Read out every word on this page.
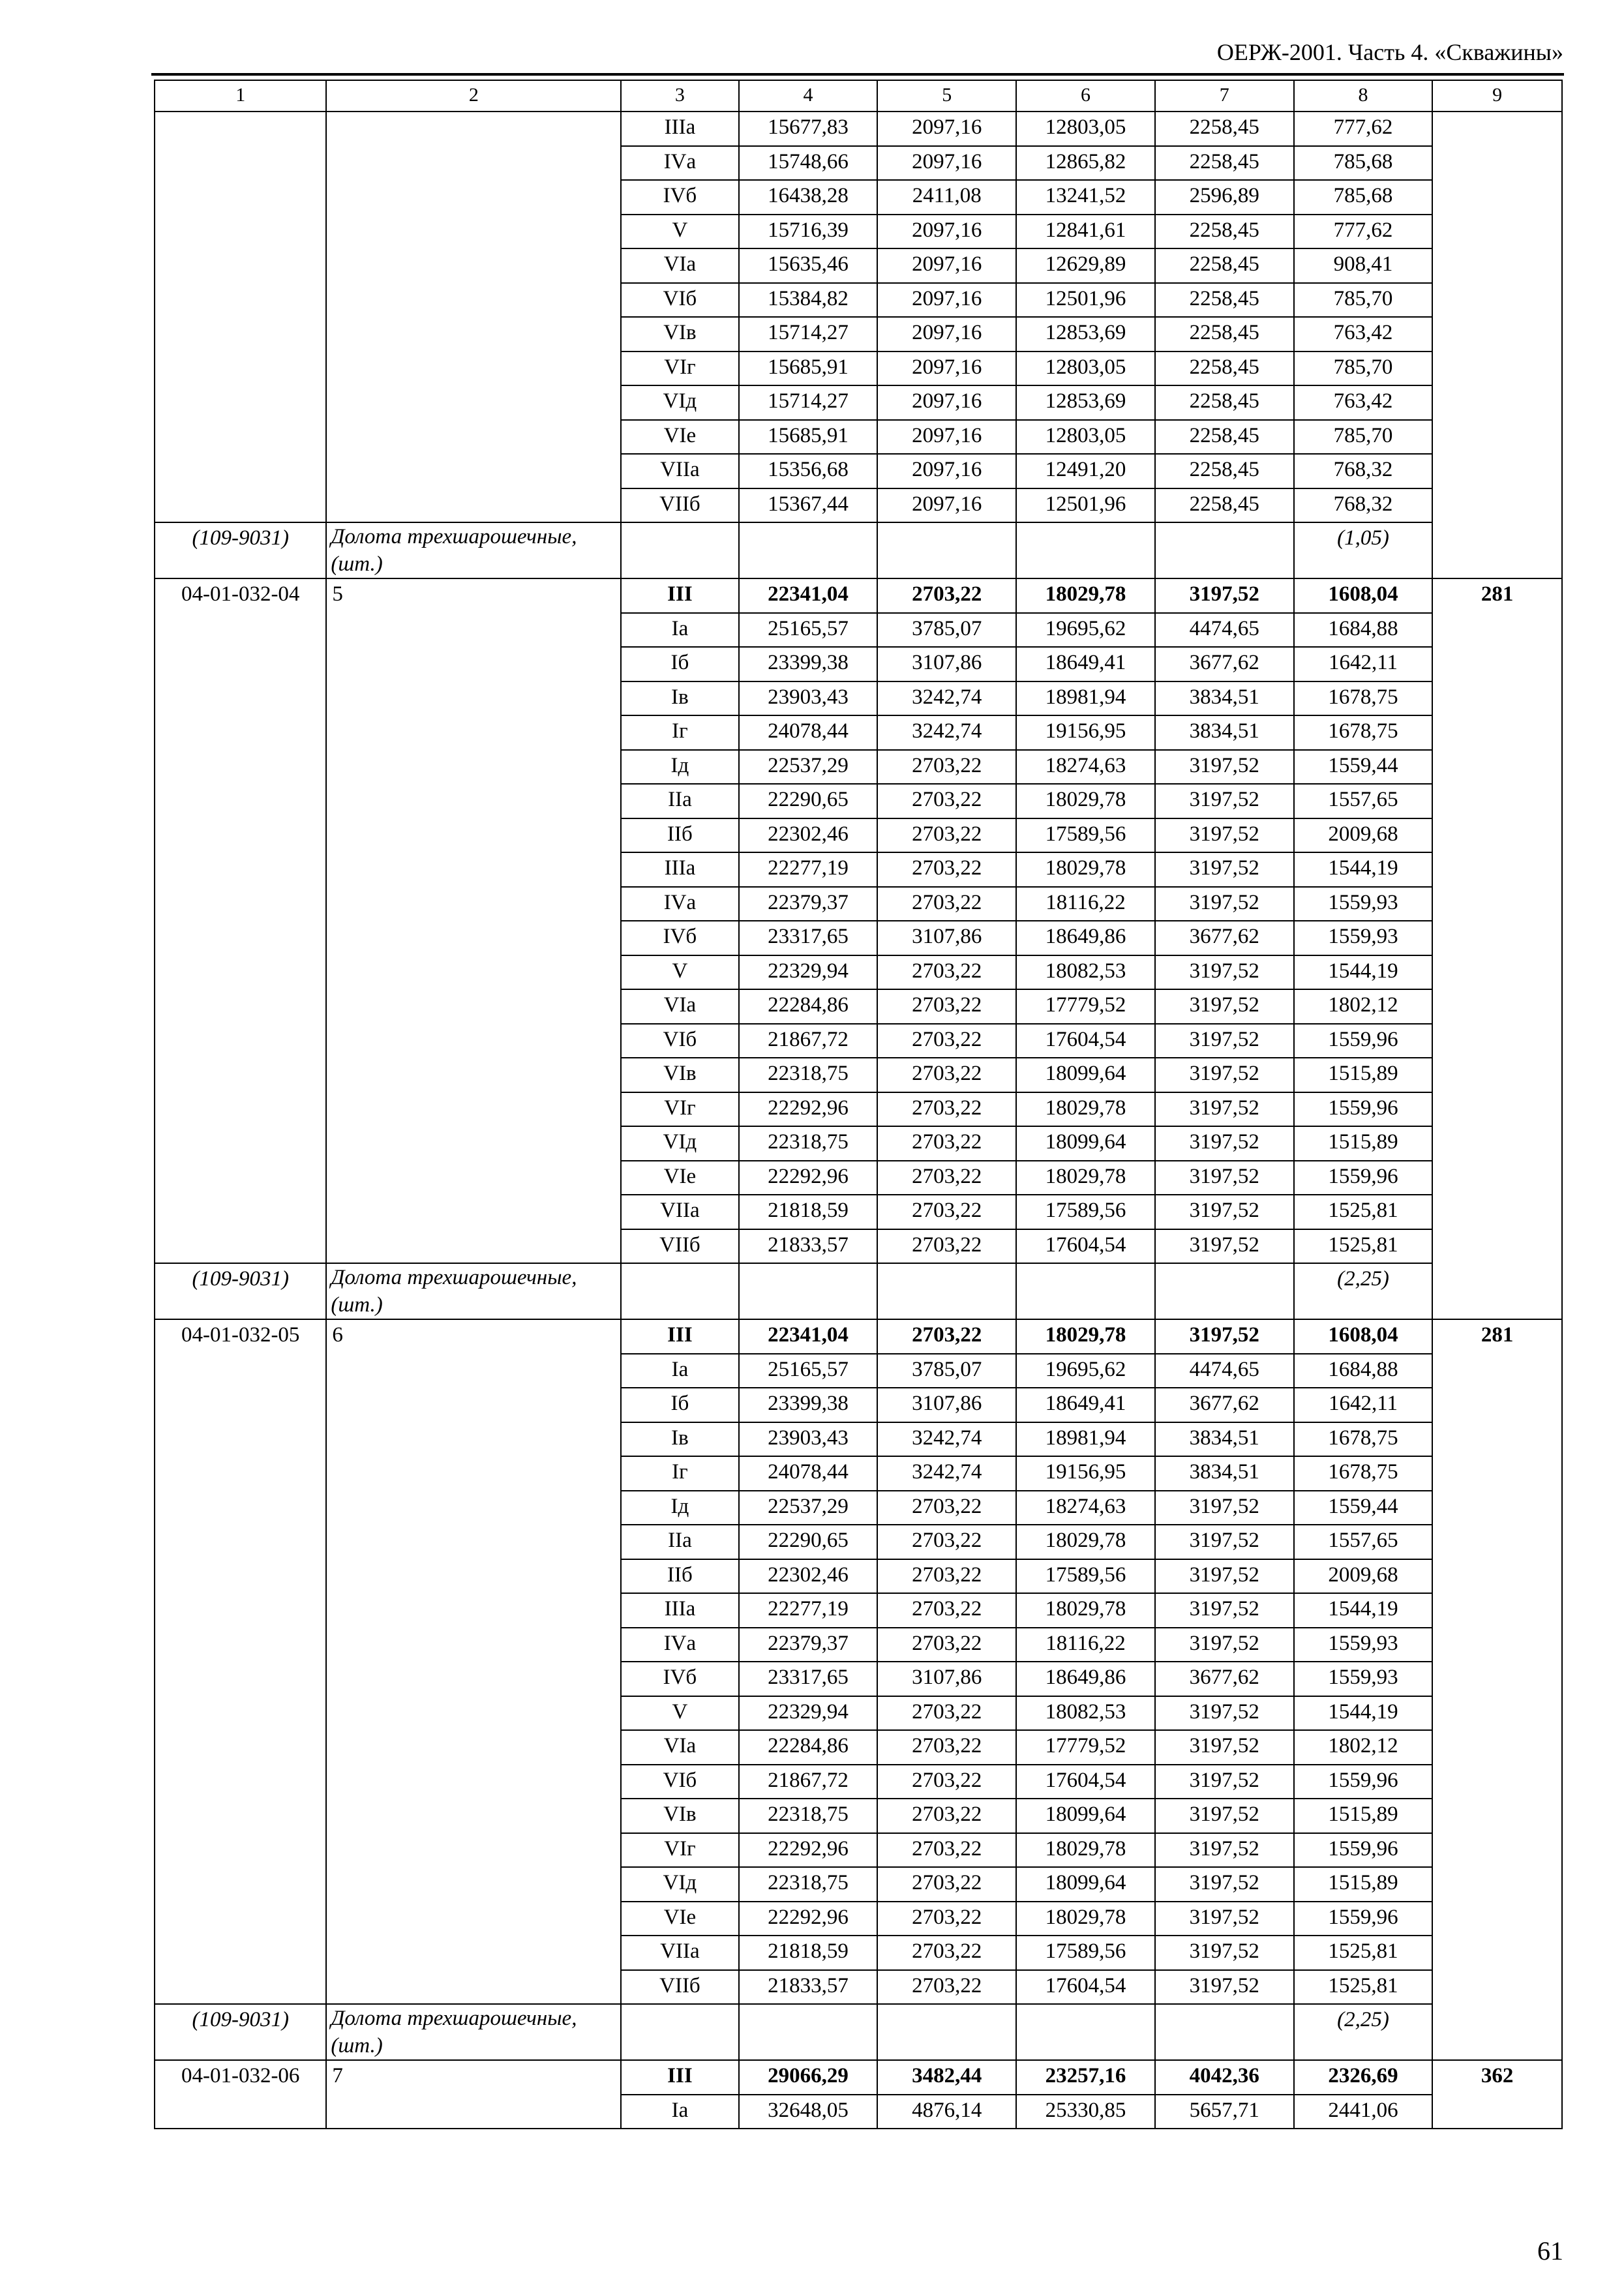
ОЕРЖ-2001. Часть 4. «Скважины»
1	2	3	4	5	6	7	8	9
		IIIа	15677,83	2097,16	12803,05	2258,45	777,62	
		IVа	15748,66	2097,16	12865,82	2258,45	785,68	
		IVб	16438,28	2411,08	13241,52	2596,89	785,68	
		V	15716,39	2097,16	12841,61	2258,45	777,62	
		VIа	15635,46	2097,16	12629,89	2258,45	908,41	
		VIб	15384,82	2097,16	12501,96	2258,45	785,70	
		VIв	15714,27	2097,16	12853,69	2258,45	763,42	
		VIг	15685,91	2097,16	12803,05	2258,45	785,70	
		VIд	15714,27	2097,16	12853,69	2258,45	763,42	
		VIе	15685,91	2097,16	12803,05	2258,45	785,70	
		VIIа	15356,68	2097,16	12491,20	2258,45	768,32	
		VIIб	15367,44	2097,16	12501,96	2258,45	768,32	
(109-9031)	Долота трехшарошечные, (шт.)						(1,05)	
04-01-032-04	5	III	22341,04	2703,22	18029,78	3197,52	1608,04	281
		Iа	25165,57	3785,07	19695,62	4474,65	1684,88	
		Iб	23399,38	3107,86	18649,41	3677,62	1642,11	
		Iв	23903,43	3242,74	18981,94	3834,51	1678,75	
		Iг	24078,44	3242,74	19156,95	3834,51	1678,75	
		Iд	22537,29	2703,22	18274,63	3197,52	1559,44	
		IIа	22290,65	2703,22	18029,78	3197,52	1557,65	
		IIб	22302,46	2703,22	17589,56	3197,52	2009,68	
		IIIа	22277,19	2703,22	18029,78	3197,52	1544,19	
		IVа	22379,37	2703,22	18116,22	3197,52	1559,93	
		IVб	23317,65	3107,86	18649,86	3677,62	1559,93	
		V	22329,94	2703,22	18082,53	3197,52	1544,19	
		VIа	22284,86	2703,22	17779,52	3197,52	1802,12	
		VIб	21867,72	2703,22	17604,54	3197,52	1559,96	
		VIв	22318,75	2703,22	18099,64	3197,52	1515,89	
		VIг	22292,96	2703,22	18029,78	3197,52	1559,96	
		VIд	22318,75	2703,22	18099,64	3197,52	1515,89	
		VIе	22292,96	2703,22	18029,78	3197,52	1559,96	
		VIIа	21818,59	2703,22	17589,56	3197,52	1525,81	
		VIIб	21833,57	2703,22	17604,54	3197,52	1525,81	
(109-9031)	Долота трехшарошечные, (шт.)						(2,25)	
04-01-032-05	6	III	22341,04	2703,22	18029,78	3197,52	1608,04	281
		Iа	25165,57	3785,07	19695,62	4474,65	1684,88	
		Iб	23399,38	3107,86	18649,41	3677,62	1642,11	
		Iв	23903,43	3242,74	18981,94	3834,51	1678,75	
		Iг	24078,44	3242,74	19156,95	3834,51	1678,75	
		Iд	22537,29	2703,22	18274,63	3197,52	1559,44	
		IIа	22290,65	2703,22	18029,78	3197,52	1557,65	
		IIб	22302,46	2703,22	17589,56	3197,52	2009,68	
		IIIа	22277,19	2703,22	18029,78	3197,52	1544,19	
		IVа	22379,37	2703,22	18116,22	3197,52	1559,93	
		IVб	23317,65	3107,86	18649,86	3677,62	1559,93	
		V	22329,94	2703,22	18082,53	3197,52	1544,19	
		VIа	22284,86	2703,22	17779,52	3197,52	1802,12	
		VIб	21867,72	2703,22	17604,54	3197,52	1559,96	
		VIв	22318,75	2703,22	18099,64	3197,52	1515,89	
		VIг	22292,96	2703,22	18029,78	3197,52	1559,96	
		VIд	22318,75	2703,22	18099,64	3197,52	1515,89	
		VIе	22292,96	2703,22	18029,78	3197,52	1559,96	
		VIIа	21818,59	2703,22	17589,56	3197,52	1525,81	
		VIIб	21833,57	2703,22	17604,54	3197,52	1525,81	
(109-9031)	Долота трехшарошечные, (шт.)						(2,25)	
04-01-032-06	7	III	29066,29	3482,44	23257,16	4042,36	2326,69	362
		Iа	32648,05	4876,14	25330,85	5657,71	2441,06	
61
